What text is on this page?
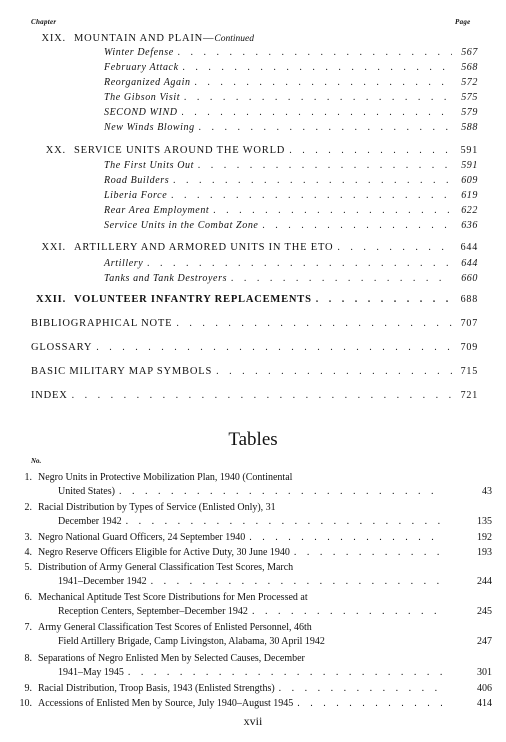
Chapter	Page
XIX. MOUNTAIN AND PLAIN— Continued
Winter Defense . . .	567
February Attack . . .	568
Reorganized Again . . .	572
The Gibson Visit . . .	575
SECOND WIND . . .	579
New Winds Blowing . . .	588
XX. SERVICE UNITS AROUND THE WORLD . . .	591
The First Units Out . . .	591
Road Builders . . .	609
Liberia Force . . .	619
Rear Area Employment . . .	622
Service Units in the Combat Zone . . .	636
XXI. ARTILLERY AND ARMORED UNITS IN THE ETO . . .	644
Artillery . . .	644
Tanks and Tank Destroyers . . .	660
XXII. VOLUNTEER INFANTRY REPLACEMENTS . . .	688
BIBLIOGRAPHICAL NOTE . . .	707
GLOSSARY . . .	709
BASIC MILITARY MAP SYMBOLS . . .	715
INDEX . . .	721
Tables
No.
1. Negro Units in Protective Mobilization Plan, 1940 (Continental
United States) . . .	43
2. Racial Distribution by Types of Service (Enlisted Only), 31
December 1942 . . .	135
3. Negro National Guard Officers, 24 September 1940 . . .	192
4. Negro Reserve Officers Eligible for Active Duty, 30 June 1940 . . .	193
5. Distribution of Army General Classification Test Scores, March
1941–December 1942 . . .	244
6. Mechanical Aptitude Test Score Distributions for Men Processed at
Reception Centers, September–December 1942 . . .	245
7. Army General Classification Test Scores of Enlisted Personnel, 46th
Field Artillery Brigade, Camp Livingston, Alabama, 30 April 1942	247
8. Separations of Negro Enlisted Men by Selected Causes, December
1941–May 1945 . . .	301
9. Racial Distribution, Troop Basis, 1943 (Enlisted Strengths) . . .	406
10. Accessions of Enlisted Men by Source, July 1940–August 1945 . . .	414
xvii
